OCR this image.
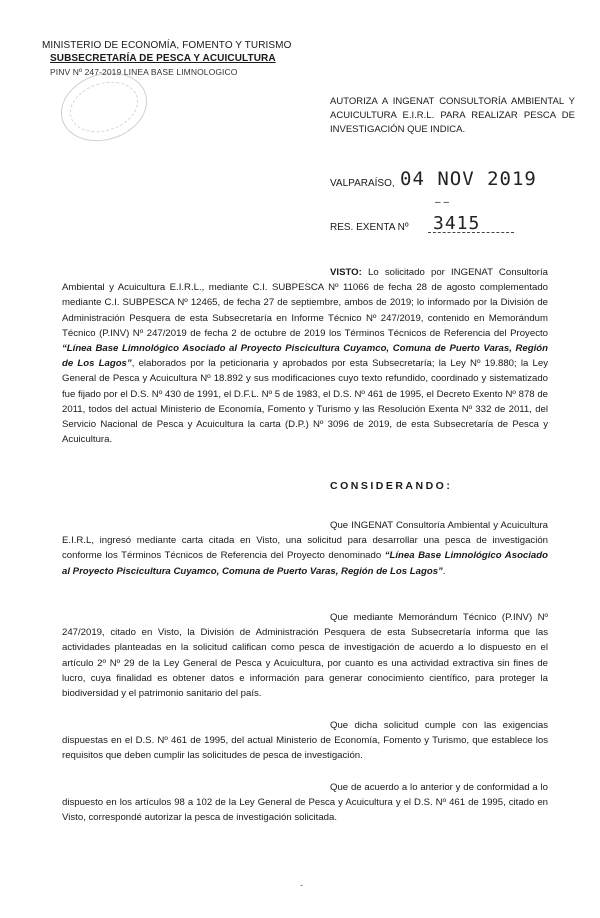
MINISTERIO DE ECONOMÍA, FOMENTO Y TURISMO
SUBSECRETARÍA DE PESCA Y ACUICULTURA
PINV Nº 247-2019 LINEA BASE LIMNOLOGICO
AUTORIZA A INGENAT CONSULTORÍA AMBIENTAL Y ACUICULTURA E.I.R.L. PARA REALIZAR PESCA DE INVESTIGACIÓN QUE INDICA.
VALPARAÍSO, 04 NOV 2019
– –
RES. EXENTA Nº 3415

VISTO: Lo solicitado por INGENAT Consultoría Ambiental y Acuicultura E.I.R.L., mediante C.I. SUBPESCA Nº 11066 de fecha 28 de agosto complementado mediante C.I. SUBPESCA Nº 12465, de fecha 27 de septiembre, ambos de 2019; lo informado por la División de Administración Pesquera de esta Subsecretaría en Informe Técnico Nº 247/2019, contenido en Memorándum Técnico (P.INV) Nº 247/2019 de fecha 2 de octubre de 2019 los Términos Técnicos de Referencia del Proyecto “Línea Base Limnológico Asociado al Proyecto Piscicultura Cuyamco, Comuna de Puerto Varas, Región de Los Lagos”, elaborados por la peticionaria y aprobados por esta Subsecretaría; la Ley Nº 19.880; la Ley General de Pesca y Acuicultura Nº 18.892 y sus modificaciones cuyo texto refundido, coordinado y sistematizado fue fijado por el D.S. Nº 430 de 1991, el D.F.L. Nº 5 de 1983, el D.S. Nº 461 de 1995, el Decreto Exento Nº 878 de 2011, todos del actual Ministerio de Economía, Fomento y Turismo y las Resolución Exenta Nº 332 de 2011, del Servicio Nacional de Pesca y Acuicultura la carta (D.P.) Nº 3096 de 2019, de esta Subsecretaría de Pesca y Acuicultura.

CONSIDERANDO:

Que INGENAT Consultoría Ambiental y Acuicultura E.I.R.L, ingresó mediante carta citada en Visto, una solicitud para desarrollar una pesca de investigación conforme los Términos Técnicos de Referencia del Proyecto denominado “Línea Base Limnológico Asociado al Proyecto Piscicultura Cuyamco, Comuna de Puerto Varas, Región de Los Lagos”.

Que mediante Memorándum Técnico (P.INV) Nº 247/2019, citado en Visto, la División de Administración Pesquera de esta Subsecretaría informa que las actividades planteadas en la solicitud califican como pesca de investigación de acuerdo a lo dispuesto en el artículo 2º Nº 29 de la Ley General de Pesca y Acuicultura, por cuanto es una actividad extractiva sin fines de lucro, cuya finalidad es obtener datos e información para generar conocimiento científico, para proteger la biodiversidad y el patrimonio sanitario del país.

Que dicha solicitud cumple con las exigencias dispuestas en el D.S. Nº 461 de 1995, del actual Ministerio de Economía, Fomento y Turismo, que establece los requisitos que deben cumplir las solicitudes de pesca de investigación.

Que de acuerdo a lo anterior y de conformidad a lo dispuesto en los artículos 98 a 102 de la Ley General de Pesca y Acuicultura y el D.S. Nº 461 de 1995, citado en Visto, correspondé autorizar la pesca de investigación solicitada.

-
